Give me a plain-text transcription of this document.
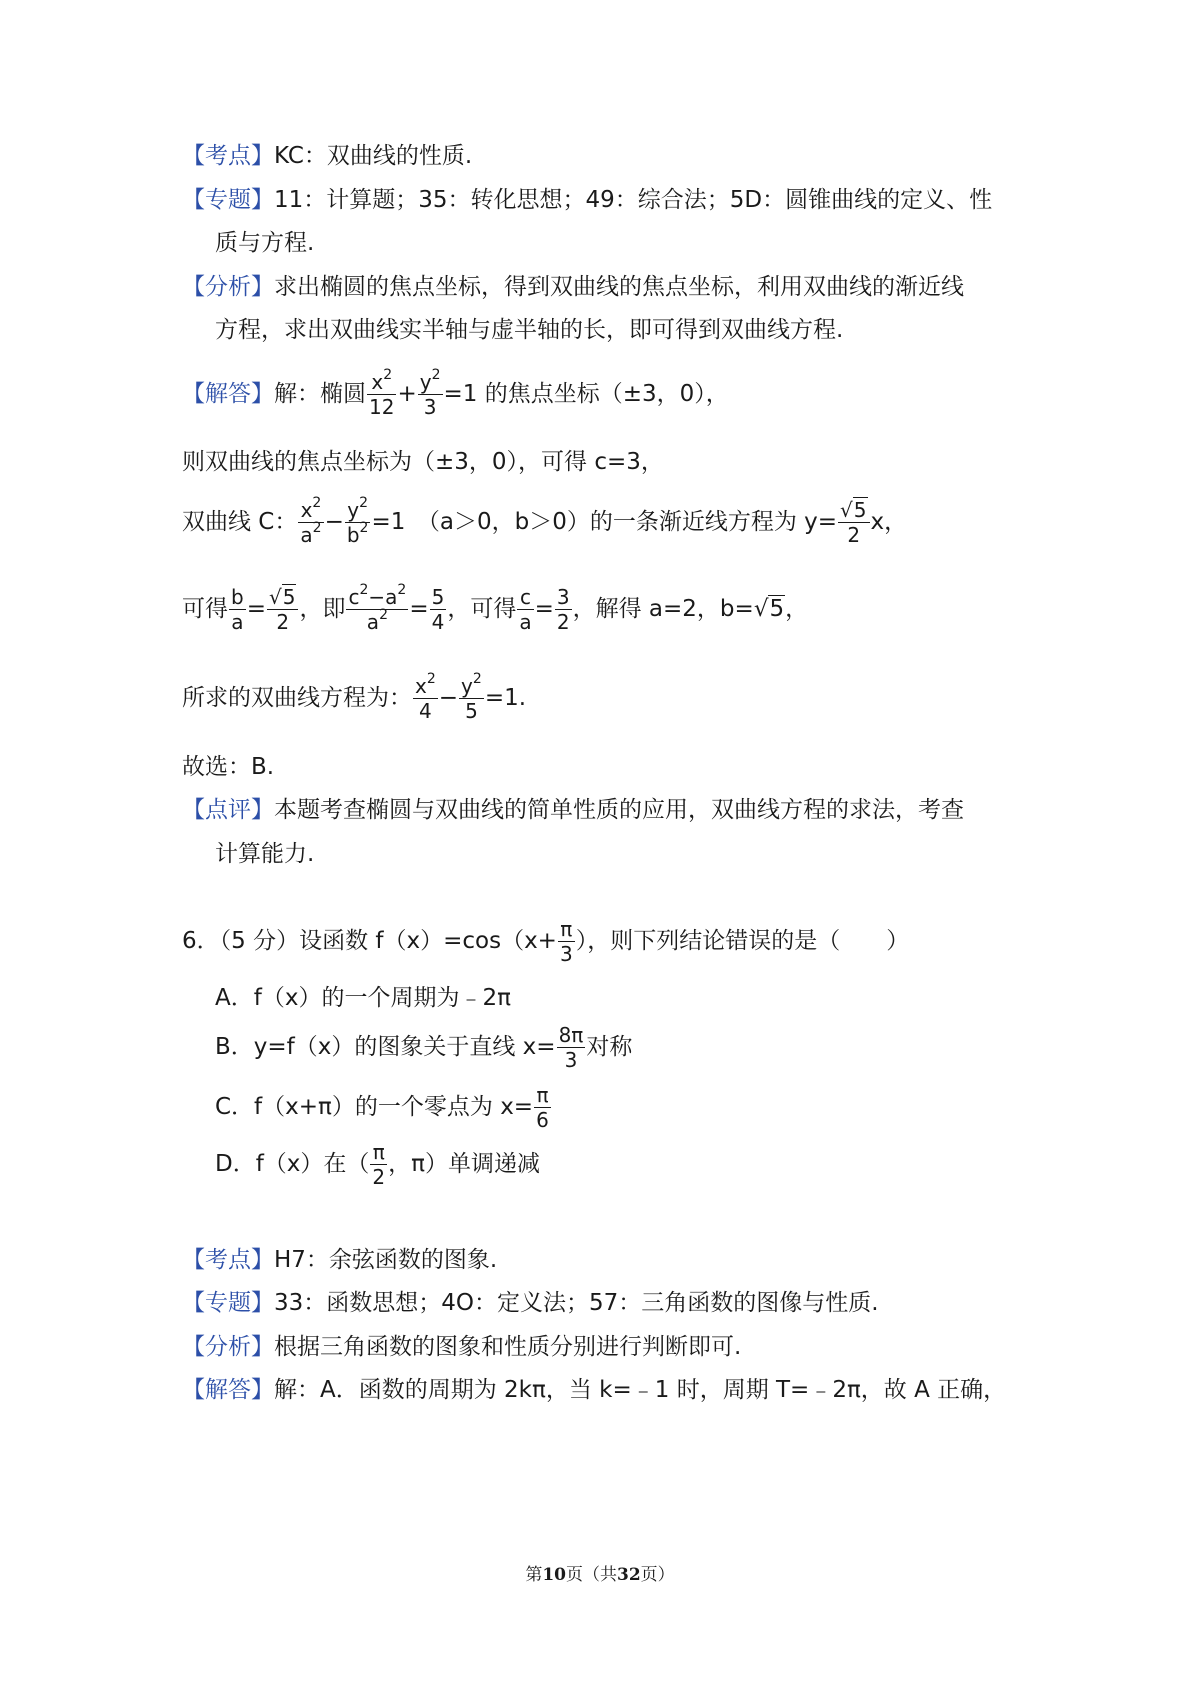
【考点】KC：双曲线的性质.
【专题】11：计算题；35：转化思想；49：综合法；5D：圆锥曲线的定义、性
质与方程.
【分析】求出椭圆的焦点坐标，得到双曲线的焦点坐标，利用双曲线的渐近线
方程，求出双曲线实半轴与虚半轴的长，即可得到双曲线方程.
【解答】解：椭圆 $\frac{x^2}{12} + \frac{y^2}{3} =1$ 的焦点坐标（±3，0），
则双曲线的焦点坐标为（±3，0），可得 c=3，
双曲线 C： $\frac{x^2}{a^2} - \frac{y^2}{b^2} =1$　（a＞0，b＞0）的一条渐近线方程为 $y= \frac{√5}{2}$ x，
可得 $\frac{b}{a} = \frac{√5}{2}$ ，即 $\frac{c^2-a^2}{a^2} = \frac{5}{4}$ ，可得 $\frac{c}{a} = \frac{3}{2}$ ，解得 a=2，b=√5，
所求的双曲线方程为： $\frac{x^2}{4} - \frac{y^2}{5} =1$.
故选：B.
【点评】本题考查椭圆与双曲线的简单性质的应用，双曲线方程的求法，考查
计算能力.
6．（5 分）设函数 $f(x)=\cos(x+ \frac{\pi}{3}$ ），则下列结论错误的是（　　）
A．f（x）的一个周期为﹣2π
B．y=f（x）的图象关于直线 $x= \frac{8\pi}{3}$ 对称
C．f（x+π）的一个零点为 $x= \frac{\pi}{6}$
D．f（x）在（ $\frac{\pi}{2}$ ，π）单调递减
【考点】H7：余弦函数的图象.
【专题】33：函数思想；4O：定义法；57：三角函数的图像与性质.
【分析】根据三角函数的图象和性质分别进行判断即可.
【解答】解：A．函数的周期为 2kπ，当 k=﹣1 时，周期 T=﹣2π，故 A 正确，
第10页（共32页）
